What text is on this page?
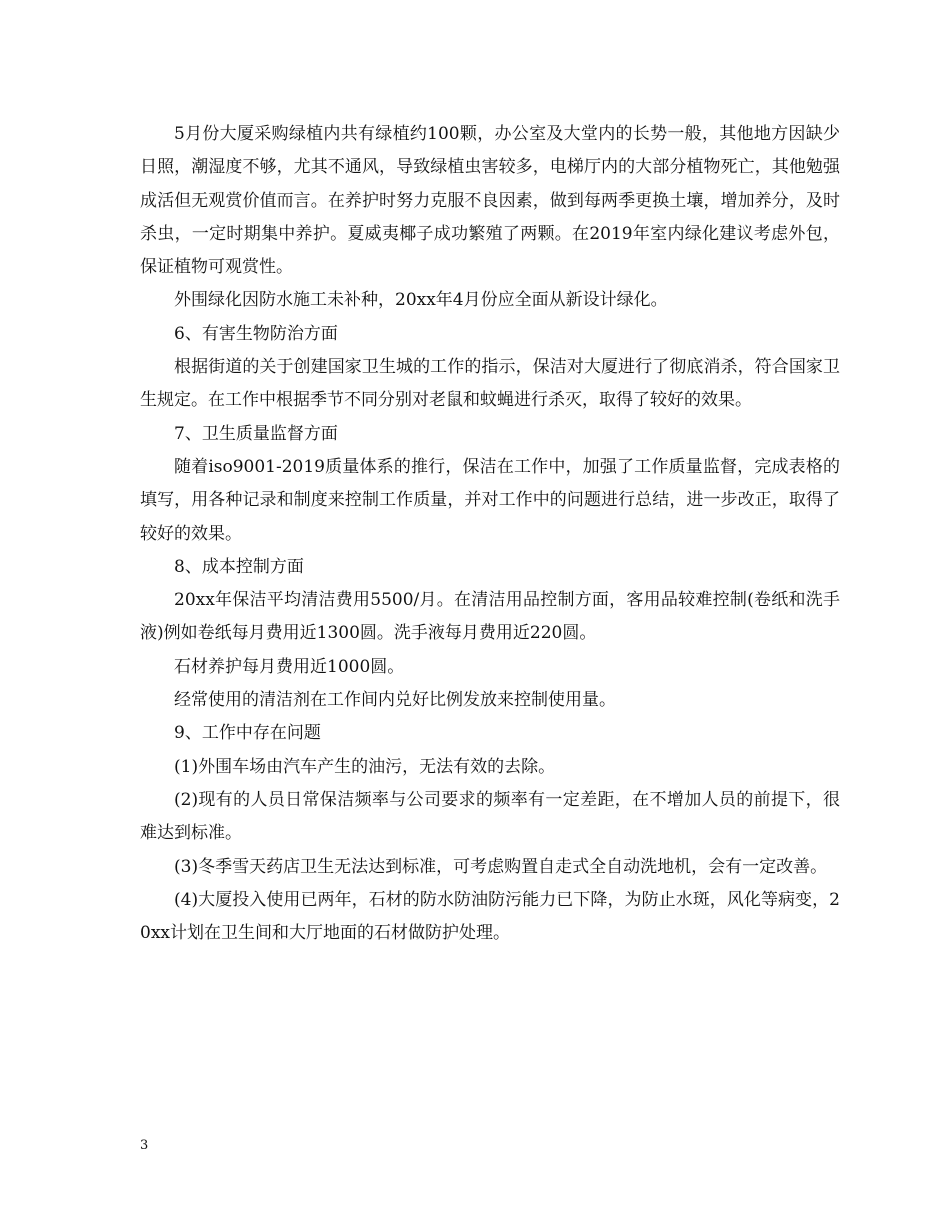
5月份大厦采购绿植内共有绿植约100颗，办公室及大堂内的长势一般，其他地方因缺少日照，潮湿度不够，尤其不通风，导致绿植虫害较多，电梯厅内的大部分植物死亡，其他勉强成活但无观赏价值而言。在养护时努力克服不良因素，做到每两季更换土壤，增加养分，及时杀虫，一定时期集中养护。夏威夷椰子成功繁殖了两颗。在2019年室内绿化建议考虑外包，保证植物可观赏性。

外围绿化因防水施工未补种，20xx年4月份应全面从新设计绿化。

6、有害生物防治方面

根据街道的关于创建国家卫生城的工作的指示，保洁对大厦进行了彻底消杀，符合国家卫生规定。在工作中根据季节不同分别对老鼠和蚊蝇进行杀灭，取得了较好的效果。

7、卫生质量监督方面

随着iso9001-2019质量体系的推行，保洁在工作中，加强了工作质量监督，完成表格的填写，用各种记录和制度来控制工作质量，并对工作中的问题进行总结，进一步改正，取得了较好的效果。

8、成本控制方面

20xx年保洁平均清洁费用5500/月。在清洁用品控制方面，客用品较难控制(卷纸和洗手液)例如卷纸每月费用近1300圆。洗手液每月费用近220圆。

石材养护每月费用近1000圆。

经常使用的清洁剂在工作间内兑好比例发放来控制使用量。

9、工作中存在问题

(1)外围车场由汽车产生的油污，无法有效的去除。

(2)现有的人员日常保洁频率与公司要求的频率有一定差距，在不增加人员的前提下，很难达到标准。

(3)冬季雪天药店卫生无法达到标准，可考虑购置自走式全自动洗地机，会有一定改善。

(4)大厦投入使用已两年，石材的防水防油防污能力已下降，为防止水斑，风化等病变，20xx计划在卫生间和大厅地面的石材做防护处理。

3
